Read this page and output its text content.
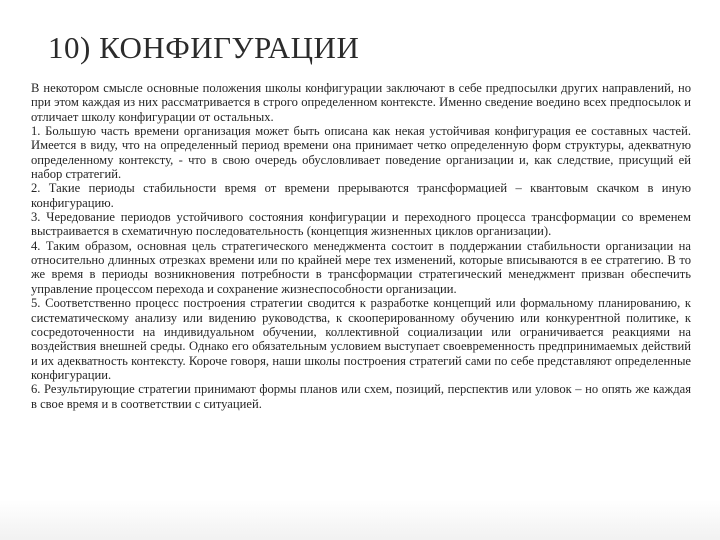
10) КОНФИГУРАЦИИ

В некотором смысле основные положения школы конфигурации заключают в себе предпосылки других направлений, но при этом каждая из них рассматривается в строго определенном контексте. Именно сведение воедино всех предпосылок и отличает школу конфигурации от остальных.

1. Большую часть времени организация может быть описана как некая устойчивая конфигурация ее составных частей. Имеется в виду, что на определенный период времени она принимает четко определенную форм структуры, адекватную определенному контексту, - что в свою очередь обусловливает поведение организации и, как следствие, присущий ей набор стратегий.

2. Такие периоды стабильности время от времени прерываются трансформацией – квантовым скачком в иную конфигурацию.

3. Чередование периодов устойчивого состояния конфигурации и переходного процесса трансформации со временем выстраивается в схематичную последовательность (концепция жизненных циклов организации).

4. Таким образом, основная цель стратегического менеджмента состоит в поддержании стабильности организации на относительно длинных отрезках времени или по крайней мере тех изменений, которые вписываются в ее стратегию. В то же время в периоды возникновения потребности в трансформации стратегический менеджмент призван обеспечить управление процессом перехода и сохранение жизнеспособности организации.

5. Соответственно процесс построения стратегии сводится к разработке концепций или формальному планированию, к систематическому анализу или видению руководства, к скооперированному обучению или конкурентной политике, к сосредоточенности на индивидуальном обучении, коллективной социализации или ограничивается реакциями на воздействия внешней среды. Однако его обязательным условием выступает своевременность предпринимаемых действий и их адекватность контексту. Короче говоря, наши школы построения стратегий сами по себе представляют определенные конфигурации.

6. Результирующие стратегии принимают формы планов или схем, позиций, перспектив или уловок – но опять же каждая в свое время и в соответствии с ситуацией.
